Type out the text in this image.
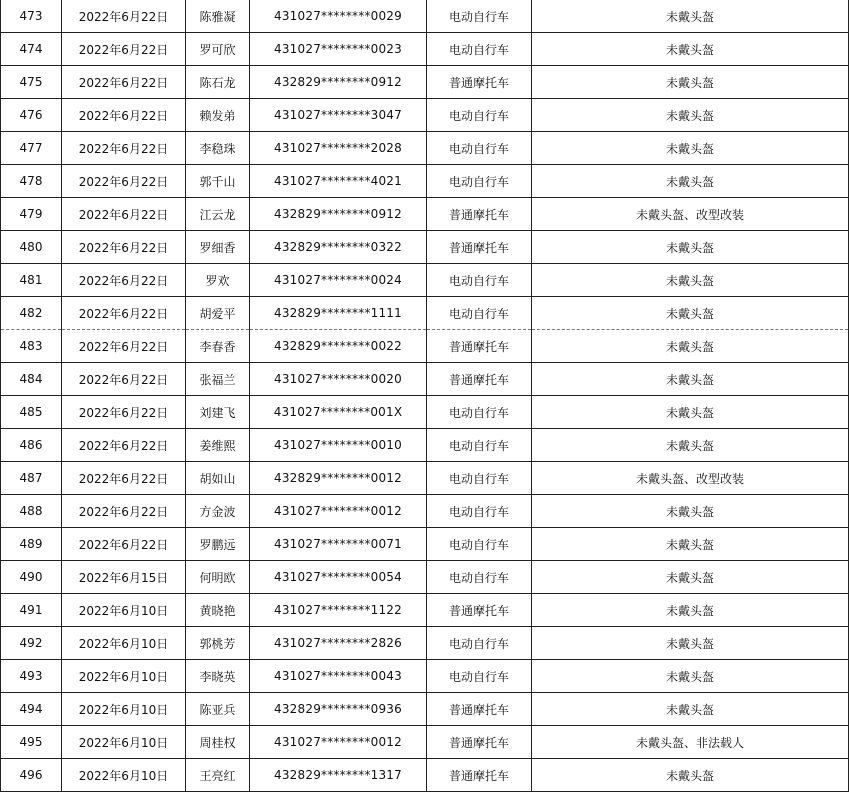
473	2022年6月22日	陈雅凝	431027********0029	电动自行车	未戴头盔
474	2022年6月22日	罗可欣	431027********0023	电动自行车	未戴头盔
475	2022年6月22日	陈石龙	432829********0912	普通摩托车	未戴头盔
476	2022年6月22日	赖发弟	431027********3047	电动自行车	未戴头盔
477	2022年6月22日	李稳珠	431027********2028	电动自行车	未戴头盔
478	2022年6月22日	郭千山	431027********4021	电动自行车	未戴头盔
479	2022年6月22日	江云龙	432829********0912	普通摩托车	未戴头盔、改型改装
480	2022年6月22日	罗细香	432829********0322	普通摩托车	未戴头盔
481	2022年6月22日	罗欢	431027********0024	电动自行车	未戴头盔
482	2022年6月22日	胡爱平	432829********1111	电动自行车	未戴头盔
483	2022年6月22日	李春香	432829********0022	普通摩托车	未戴头盔
484	2022年6月22日	张福兰	431027********0020	普通摩托车	未戴头盔
485	2022年6月22日	刘建飞	431027********001X	电动自行车	未戴头盔
486	2022年6月22日	姜维熙	431027********0010	电动自行车	未戴头盔
487	2022年6月22日	胡如山	432829********0012	电动自行车	未戴头盔、改型改装
488	2022年6月22日	方金波	431027********0012	电动自行车	未戴头盔
489	2022年6月22日	罗鹏远	431027********0071	电动自行车	未戴头盔
490	2022年6月15日	何明欧	431027********0054	电动自行车	未戴头盔
491	2022年6月10日	黄晓艳	431027********1122	普通摩托车	未戴头盔
492	2022年6月10日	郭桃芳	431027********2826	电动自行车	未戴头盔
493	2022年6月10日	李晓英	431027********0043	电动自行车	未戴头盔
494	2022年6月10日	陈亚兵	432829********0936	普通摩托车	未戴头盔
495	2022年6月10日	周桂权	431027********0012	普通摩托车	未戴头盔、非法载人
496	2022年6月10日	王亮红	432829********1317	普通摩托车	未戴头盔
